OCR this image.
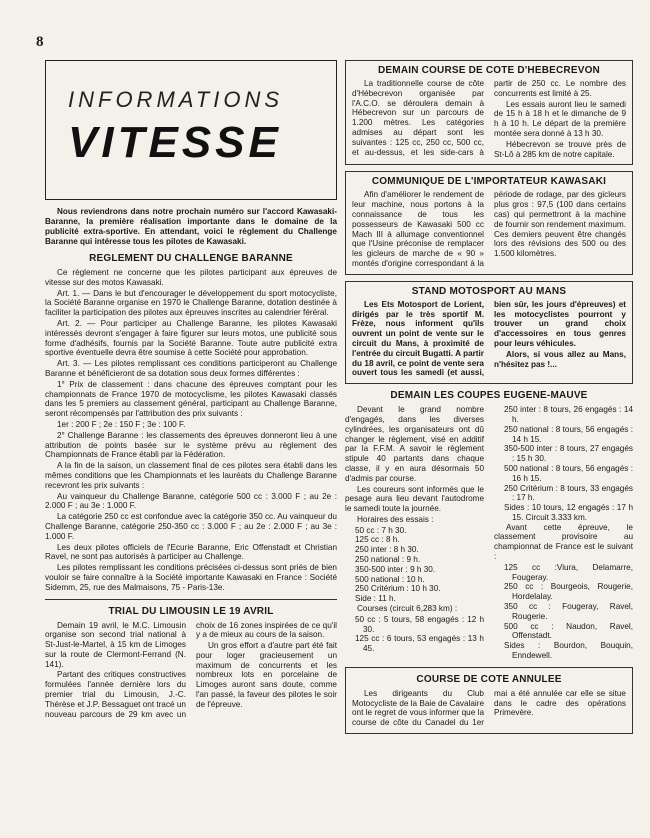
8
INFORMATIONS
VITESSE

Nous reviendrons dans notre prochain numéro sur l'accord Kawasaki-Baranne, la première réalisation importante dans le domaine de la publicité extra-sportive. En attendant, voici le règlement du Challenge Baranne qui intéresse tous les pilotes de Kawasaki.

REGLEMENT DU CHALLENGE BARANNE

Ce règlement ne concerne que les pilotes participant aux épreuves de vitesse sur des motos Kawasaki.

Art. 1. — Dans le but d'encourager le développement du sport motocycliste, la Société Baranne organise en 1970 le Challenge Baranne, dotation destinée à faciliter la participation des pilotes aux épreuves inscrites au calendrier féréral.

Art. 2. — Pour participer au Challenge Baranne, les pilotes Kawasaki intéressés devront s'engager à faire figurer sur leurs motos, une publicité sous forme d'adhésifs, fournis par la Société Baranne. Toute autre publicité extra sportive éventuelle devra être soumise à cette Société pour approbation.

Art. 3. — Les pilotes remplissant ces conditions participeront au Challenge Baranne et bénéficieront de sa dotation sous deux formes différentes :

1° Prix de classement : dans chacune des épreuves comptant pour les championnats de France 1970 de motocyclisme, les pilotes Kawasaki classés dans les 5 premiers au classement général, participant au Challenge Baranne, seront récompensés par l'attribution des prix suivants :

1er : 200 F ; 2e : 150 F ; 3e : 100 F.

2° Challenge Baranne : les classements des épreuves donneront lieu à une attribution de points basée sur le système prévu au règlement des Championnats de France établi par la Fédération.

A la fin de la saison, un classement final de ces pilotes sera établi dans les mêmes conditions que les Championnats et les lauréats du Challenge Baranne recevront les prix suivants :

Au vainqueur du Challenge Baranne, catégorie 500 cc : 3.000 F ; au 2e : 2.000 F ; au 3e : 1.000 F.

La catégorie 250 cc est confondue avec la catégorie 350 cc. Au vainqueur du Challenge Baranne, catégorie 250-350 cc : 3.000 F ; au 2e : 2.000 F ; au 3e : 1.000 F.

Les deux pilotes officiels de l'Ecurie Baranne, Eric Offenstadt et Christian Ravel, ne sont pas autorisés à participer au Challenge.

Les pilotes remplissant les conditions précisées ci-dessus sont priés de bien vouloir se faire connaître à la Société importante Kawasaki en France : Société Sidemm, 25, rue des Malmaisons, 75 - Paris-13e.

TRIAL DU LIMOUSIN LE 19 AVRIL

Demain 19 avril, le M.C. Limousin organise son second trial national à St-Just-le-Martel, à 15 km de Limoges sur la route de Clermont-Ferrand (N. 141).

Partant des critiques constructives formulées l'année dernière lors du premier trial du Limousin, J.-C. Thérèse et J.P. Bessaguet ont tracé un nouveau parcours de 29 km avec un choix de 16 zones inspirées de ce qu'il y a de mieux au cours de la saison.

Un gros effort a d'autre part été fait pour loger gracieusement un maximum de concurrents et les nombreux lots en porcelaine de Limoges auront sans doute, comme l'an passé, la faveur des pilotes le soir de l'épreuve.

DEMAIN COURSE DE COTE D'HEBECREVON

La traditionnelle course de côte d'Hébecrevon organisée par l'A.C.O. se déroulera demain à Hébecrevon sur un parcours de 1.200 mètres. Les catégories admises au départ sont les suivantes : 125 cc, 250 cc, 500 cc, et au-dessus, et les side-cars à partir de 250 cc. Le nombre des concurrents est limité à 25.

Les essais auront lieu le samedi de 15 h à 18 h et le dimanche de 9 h à 10 h. Le départ de la première montée sera donné à 13 h 30.

Hébecrevon se trouve près de St-Lô à 285 km de notre capitale.

COMMUNIQUE DE L'IMPORTATEUR KAWASAKI

Afin d'améliorer le rendement de leur machine, nous portons à la connaissance de tous les possesseurs de Kawasaki 500 cc Mach III à allumage conventionnel que l'Usine préconise de remplacer les gicleurs de marche de « 90 » montés d'origine correspondant à la période de rodage, par des gicleurs plus gros : 97,5 (100 dans certains cas) qui permettront à la machine de fournir son rendement maximum. Ces derniers peuvent être changés lors des révisions des 500 ou des 1.500 kilomètres.

STAND MOTOSPORT AU MANS

Les Ets Motosport de Lorient, dirigés par le très sportif M. Frèze, nous informent qu'ils ouvrent un point de vente sur le circuit du Mans, à proximité de l'entrée du circuit Bugatti. A partir du 18 avril, ce point de vente sera ouvert tous les samedi (et aussi, bien sûr, les jours d'épreuves) et les motocyclistes pourront y trouver un grand choix d'accessoires en tous genres pour leurs véhicules.

Alors, si vous allez au Mans, n'hésitez pas !...

DEMAIN LES COUPES EUGENE-MAUVE

Devant le grand nombre d'engagés, dans les diverses cylindrées, les organisateurs ont dû changer le règlement, visé en additif par la F.F.M. A savoir le règlement stipule 40 partants dans chaque classe, il y en aura désormais 50 d'admis par course.

Les coureurs sont informés que le pesage aura lieu devant l'autodrome le samedi toute la journée.

Horaires des essais :

50 cc : 7 h 30.
125 cc : 8 h.
250 inter : 8 h 30.
250 national : 9 h.
350-500 inter : 9 h 30.
500 national : 10 h.
250 Critérium : 10 h 30.
Side : 11 h.

Courses (circuit 6,283 km) :

50 cc : 5 tours, 58 engagés : 12 h 30.
125 cc : 6 tours, 53 engagés : 13 h 45.
250 inter : 8 tours, 26 engagés : 14 h.
250 national : 8 tours, 56 engagés : 14 h 15.
350-500 inter : 8 tours, 27 engagés : 15 h 30.
500 national : 8 tours, 56 engagés : 16 h 15.
250 Critérium : 8 tours, 33 engagés : 17 h.
Sides : 10 tours, 12 engagés : 17 h 15. Circuit 3.333 km.

Avant cette épreuve, le classement provisoire au championnat de France est le suivant :

125 cc :Viura, Delamarre, Fougeray.
250 cc : Bourgeois, Rougerie, Hordelalay.
350 cc : Fougeray, Ravel, Rougerie.
500 cc : Naudon, Ravel, Offenstadt.
Sides : Bourdon, Bouquin, Enndewell.
COURSE DE COTE ANNULEE

Les dirigeants du Club Motocycliste de la Baie de Cavalaire ont le regret de vous informer que la course de côte du Canadel du 1er mai a été annulée car elle se situe dans le cadre des opérations Primevère.
